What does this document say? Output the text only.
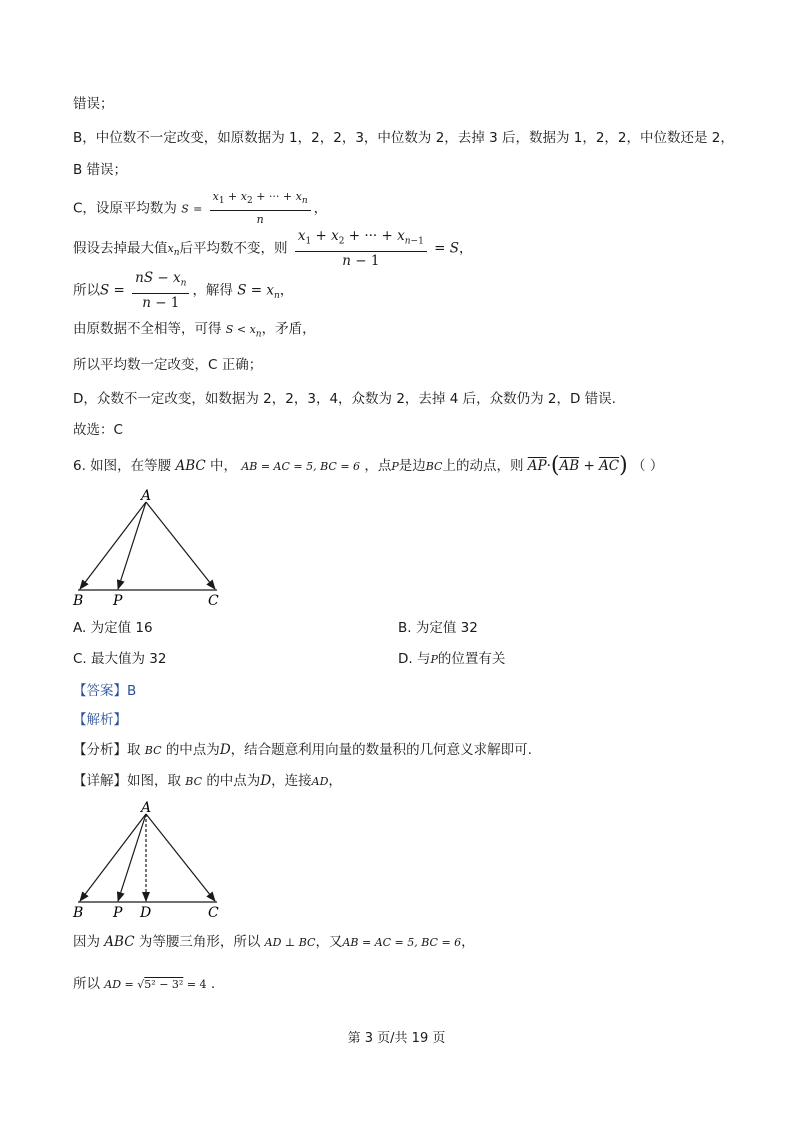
错误；
B，中位数不一定改变，如原数据为 1，2，2，3，中位数为 2，去掉 3 后，数据为 1，2，2，中位数还是 2，
B 错误；
C，设原平均数为 $S = \frac{x_1 + x_2 + \cdot\cdot\cdot + x_n}{n}$ ，
假设去掉最大值$x_n$后平均数不变，则 $\frac{x_1 + x_2 + \cdot\cdot\cdot + x_{n-1}}{n - 1} = S$，
所以$S = \frac{nS - x_n}{n - 1}$ ，解得 $S = x_n$，
由原数据不全相等，可得 $S < x_n$，矛盾，
所以平均数一定改变，C 正确；
D，众数不一定改变，如数据为 2，2，3，4，众数为 2，去掉 4 后，众数仍为 2，D 错误.
故选：C
6. 如图，在等腰 ABC 中， AB = AC = 5, BC = 6 ，点P是边BC上的动点，则 $\overline{AP}\cdot(\overline{AB} + \overline{AC})$ （ ）
A
B P	C
A. 为定值 16	B. 为定值 32
C. 最大值为 32	D. 与P的位置有关
【答案】B
【解析】
【分析】取 BC 的中点为D，结合题意利用向量的数量积的几何意义求解即可.
【详解】如图，取 BC 的中点为D，连接AD，
A
B P D	C
因为 ABC 为等腰三角形，所以 AD ⊥ BC，又AB = AC = 5, BC = 6，
所以 AD = √5² − 3² = 4 .
第 3 页/共 19 页
